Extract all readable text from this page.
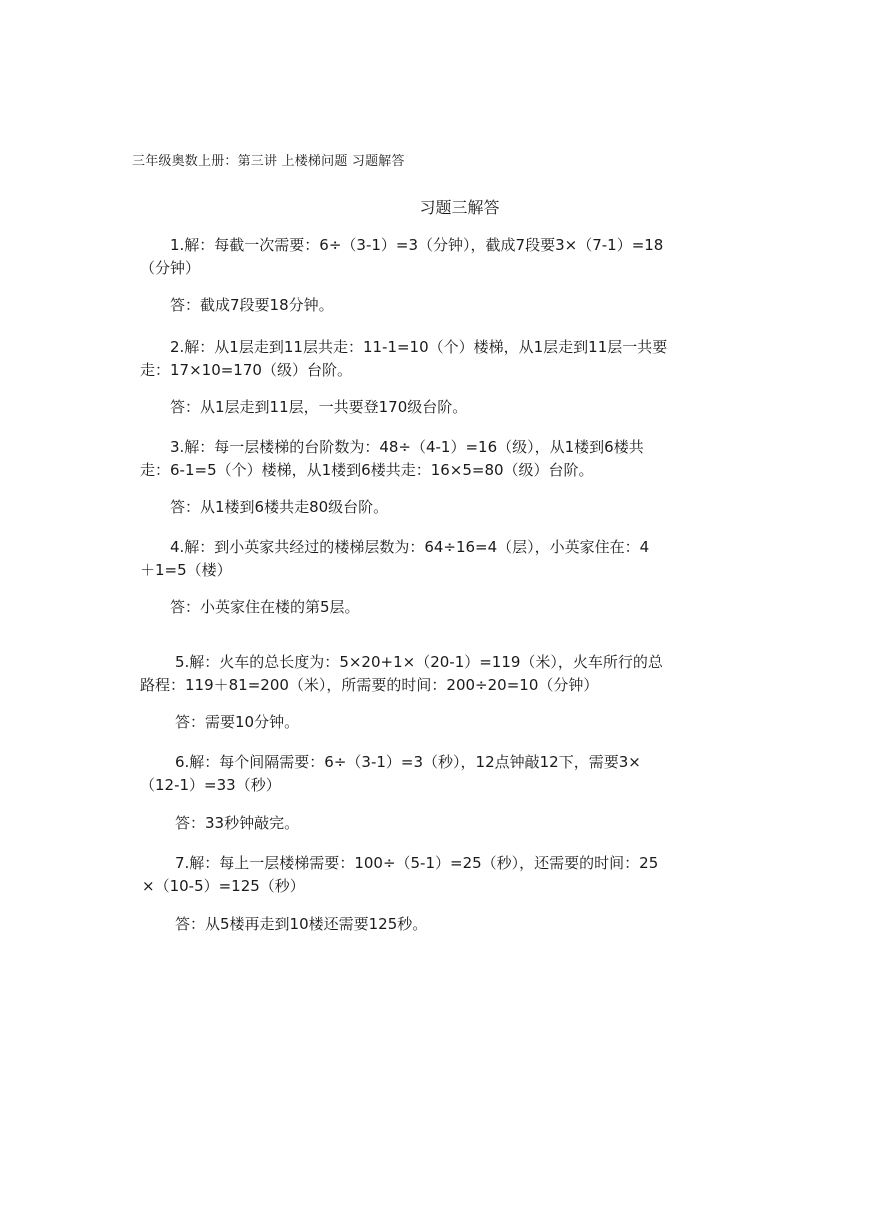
三年级奥数上册：第三讲 上楼梯问题 习题解答
习题三解答
1.解：每截一次需要：6÷（3-1）=3（分钟），截成7段要3×（7-1）=18
（分钟）
答：截成7段要18分钟。
2.解：从1层走到11层共走：11-1=10（个）楼梯，从1层走到11层一共要
走：17×10=170（级）台阶。
答：从1层走到11层，一共要登170级台阶。
3.解：每一层楼梯的台阶数为：48÷（4-1）=16（级），从1楼到6楼共
走：6-1=5（个）楼梯，从1楼到6楼共走：16×5=80（级）台阶。
答：从1楼到6楼共走80级台阶。
4.解：到小英家共经过的楼梯层数为：64÷16=4（层），小英家住在：4
＋1=5（楼）
答：小英家住在楼的第5层。
5.解：火车的总长度为：5×20+1×（20-1）=119（米），火车所行的总
路程：119＋81=200（米），所需要的时间：200÷20=10（分钟）
答：需要10分钟。
6.解：每个间隔需要：6÷（3-1）=3（秒），12点钟敲12下，需要3×
（12-1）=33（秒）
答：33秒钟敲完。
7.解：每上一层楼梯需要：100÷（5-1）=25（秒），还需要的时间：25
×（10-5）=125（秒）
答：从5楼再走到10楼还需要125秒。
